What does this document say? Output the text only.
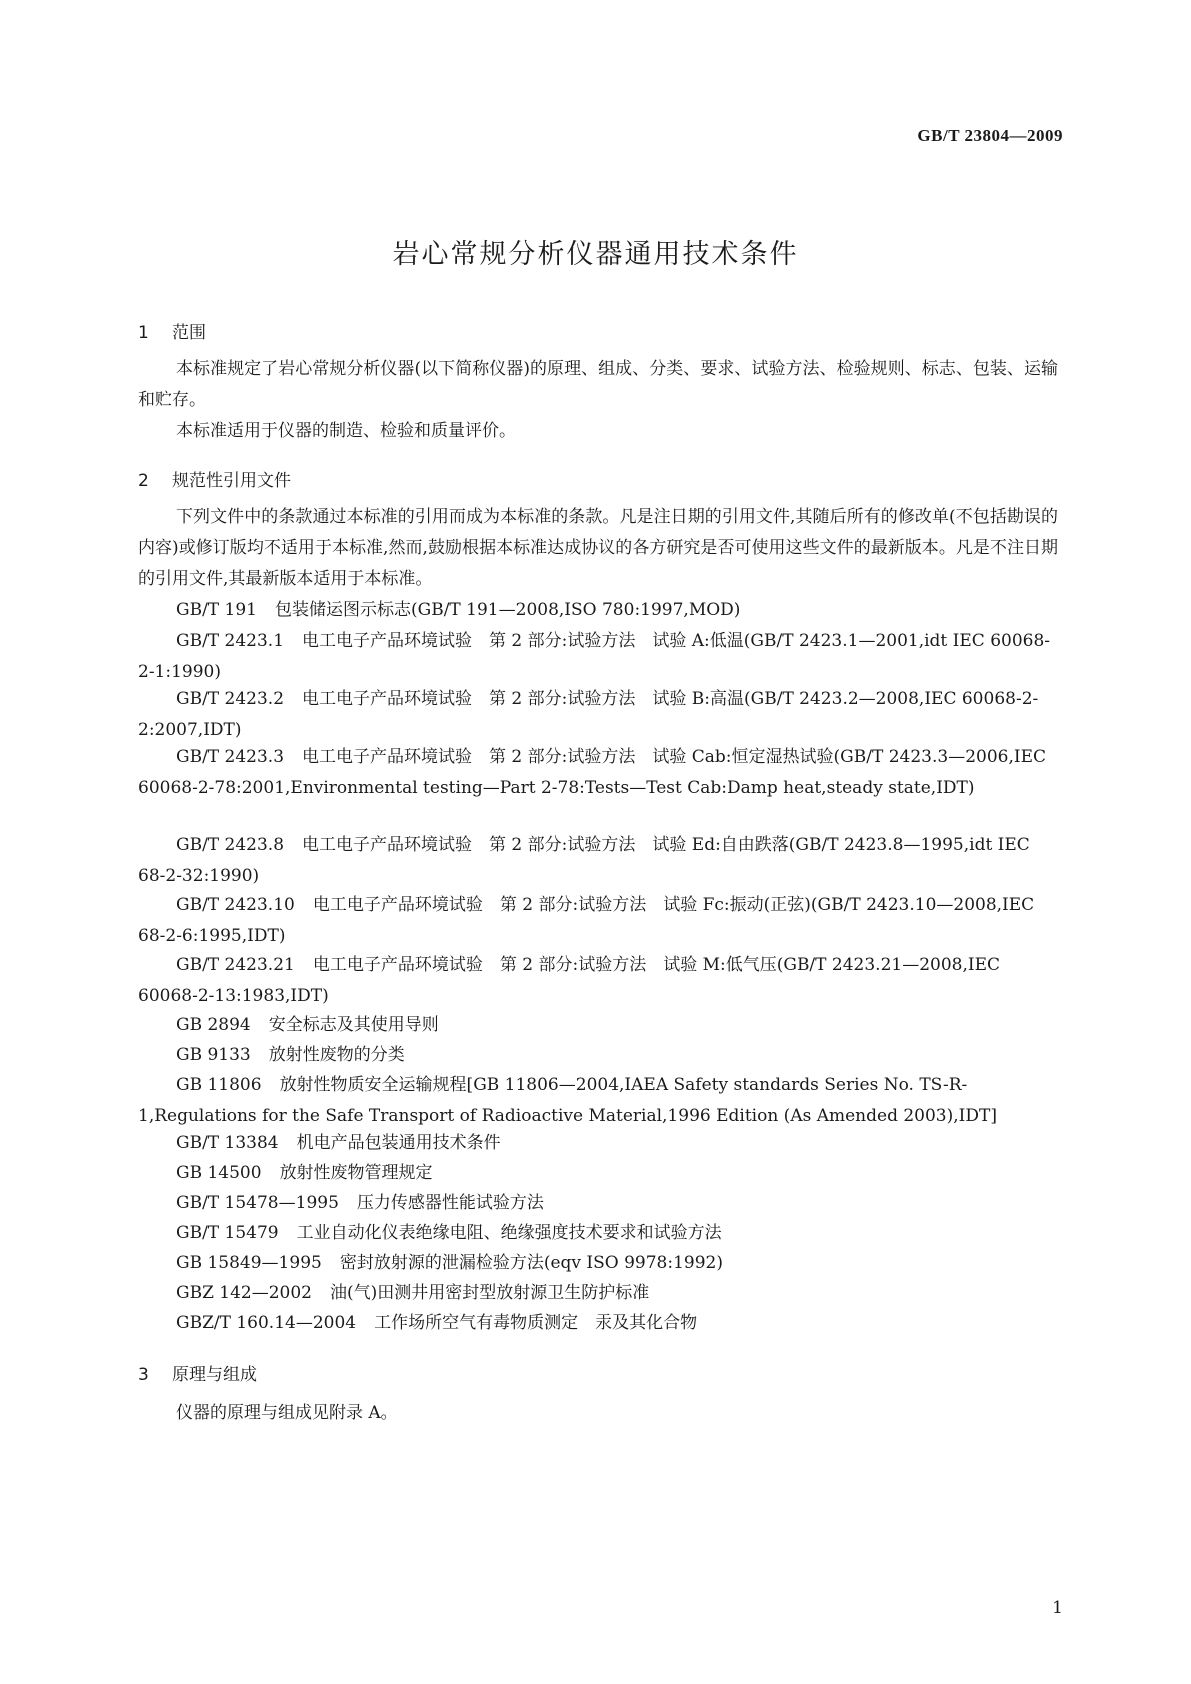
GB/T 23804—2009
岩心常规分析仪器通用技术条件
1 范围
本标准规定了岩心常规分析仪器(以下简称仪器)的原理、组成、分类、要求、试验方法、检验规则、标志、包装、运输和贮存。
本标准适用于仪器的制造、检验和质量评价。
2 规范性引用文件
下列文件中的条款通过本标准的引用而成为本标准的条款。凡是注日期的引用文件,其随后所有的修改单(不包括勘误的内容)或修订版均不适用于本标准,然而,鼓励根据本标准达成协议的各方研究是否可使用这些文件的最新版本。凡是不注日期的引用文件,其最新版本适用于本标准。
GB/T 191 包装储运图示标志(GB/T 191—2008,ISO 780:1997,MOD)
GB/T 2423.1 电工电子产品环境试验　第 2 部分:试验方法　试验 A:低温(GB/T 2423.1—2001,idt IEC 60068-2-1:1990)
GB/T 2423.2 电工电子产品环境试验　第 2 部分:试验方法　试验 B:高温(GB/T 2423.2—2008,IEC 60068-2-2:2007,IDT)
GB/T 2423.3 电工电子产品环境试验　第 2 部分:试验方法　试验 Cab:恒定湿热试验(GB/T 2423.3—2006,IEC 60068-2-78:2001,Environmental testing—Part 2-78:Tests—Test Cab:Damp heat,steady state,IDT)
GB/T 2423.8 电工电子产品环境试验　第 2 部分:试验方法　试验 Ed:自由跌落(GB/T 2423.8—1995,idt IEC 68-2-32:1990)
GB/T 2423.10 电工电子产品环境试验　第 2 部分:试验方法　试验 Fc:振动(正弦)(GB/T 2423.10—2008,IEC 68-2-6:1995,IDT)
GB/T 2423.21 电工电子产品环境试验　第 2 部分:试验方法　试验 M:低气压(GB/T 2423.21—2008,IEC 60068-2-13:1983,IDT)
GB 2894 安全标志及其使用导则
GB 9133 放射性废物的分类
GB 11806 放射性物质安全运输规程[GB 11806—2004,IAEA Safety standards Series No. TS-R-1,Regulations for the Safe Transport of Radioactive Material,1996 Edition (As Amended 2003),IDT]
GB/T 13384 机电产品包装通用技术条件
GB 14500 放射性废物管理规定
GB/T 15478—1995 压力传感器性能试验方法
GB/T 15479 工业自动化仪表绝缘电阻、绝缘强度技术要求和试验方法
GB 15849—1995 密封放射源的泄漏检验方法(eqv ISO 9978:1992)
GBZ 142—2002 油(气)田测井用密封型放射源卫生防护标准
GBZ/T 160.14—2004 工作场所空气有毒物质测定　汞及其化合物
3 原理与组成
仪器的原理与组成见附录 A。
1
